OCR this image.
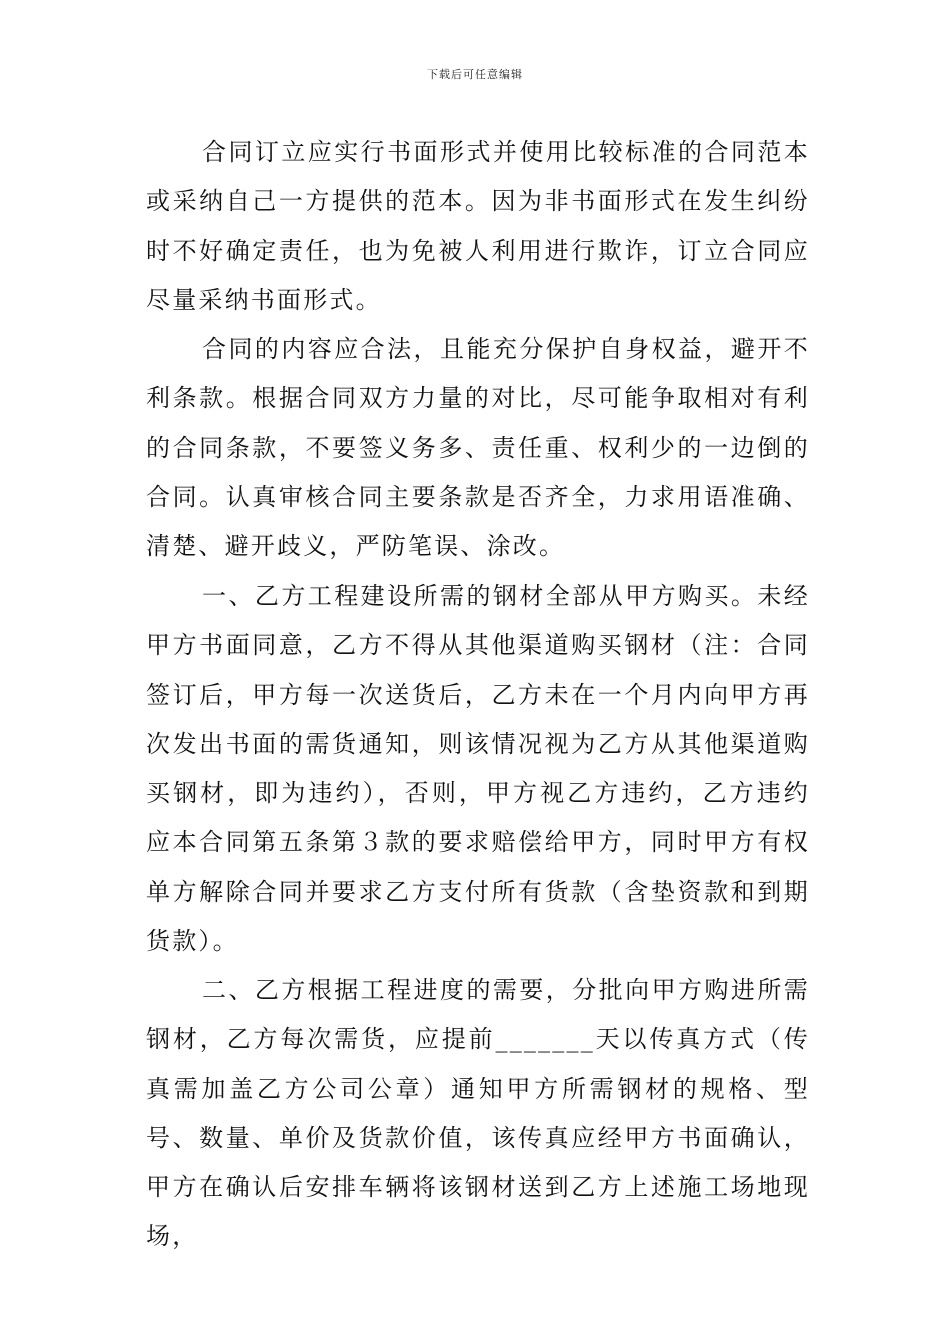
下载后可任意编辑

合同订立应实行书面形式并使用比较标准的合同范本或采纳自己一方提供的范本。因为非书面形式在发生纠纷时不好确定责任，也为免被人利用进行欺诈，订立合同应尽量采纳书面形式。

合同的内容应合法，且能充分保护自身权益，避开不利条款。根据合同双方力量的对比，尽可能争取相对有利的合同条款，不要签义务多、责任重、权利少的一边倒的合同。认真审核合同主要条款是否齐全，力求用语准确、清楚、避开歧义，严防笔误、涂改。

一、乙方工程建设所需的钢材全部从甲方购买。未经甲方书面同意，乙方不得从其他渠道购买钢材（注：合同签订后，甲方每一次送货后，乙方未在一个月内向甲方再次发出书面的需货通知，则该情况视为乙方从其他渠道购买钢材，即为违约），否则，甲方视乙方违约，乙方违约应本合同第五条第３款的要求赔偿给甲方，同时甲方有权单方解除合同并要求乙方支付所有货款（含垫资款和到期货款）。

二、乙方根据工程进度的需要，分批向甲方购进所需钢材，乙方每次需货，应提前_______天以传真方式（传真需加盖乙方公司公章）通知甲方所需钢材的规格、型号、数量、单价及货款价值，该传真应经甲方书面确认，甲方在确认后安排车辆将该钢材送到乙方上述施工场地现场，
